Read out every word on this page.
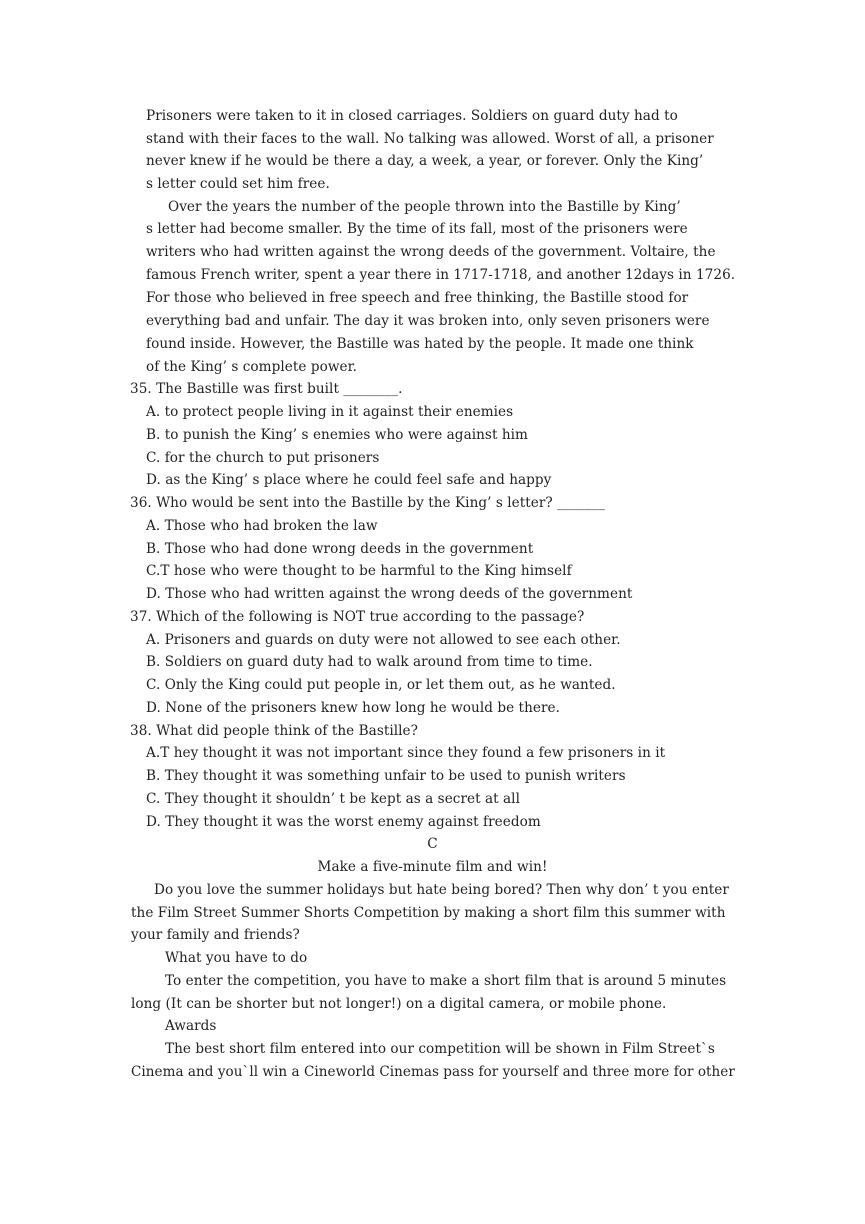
Prisoners were taken to it in closed carriages. Soldiers on guard duty had to
stand with their faces to the wall. No talking was allowed. Worst of all, a prisoner
never knew if he would be there a day, a week, a year, or forever. Only the King’
s letter could set him free.
Over the years the number of the people thrown into the Bastille by King’
s letter had become smaller. By the time of its fall, most of the prisoners were
writers who had written against the wrong deeds of the government. Voltaire, the
famous French writer, spent a year there in 1717-1718, and another 12days in 1726.
For those who believed in free speech and free thinking, the Bastille stood for
everything bad and unfair. The day it was broken into, only seven prisoners were
found inside. However, the Bastille was hated by the people. It made one think
of the King’ s complete power.
35. The Bastille was first built ________.
A. to protect people living in it against their enemies
B. to punish the King’ s enemies who were against him
C. for the church to put prisoners
D. as the King’ s place where he could feel safe and happy
36. Who would be sent into the Bastille by the King’ s letter? _______
A. Those who had broken the law
B. Those who had done wrong deeds in the government
C.T hose who were thought to be harmful to the King himself
D. Those who had written against the wrong deeds of the government
37. Which of the following is NOT true according to the passage?
A. Prisoners and guards on duty were not allowed to see each other.
B. Soldiers on guard duty had to walk around from time to time.
C. Only the King could put people in, or let them out, as he wanted.
D. None of the prisoners knew how long he would be there.
38. What did people think of the Bastille?
A.T hey thought it was not important since they found a few prisoners in it
B. They thought it was something unfair to be used to punish writers
C. They thought it shouldn’ t be kept as a secret at all
D. They thought it was the worst enemy against freedom
C
Make a five-minute film and win!
Do you love the summer holidays but hate being bored? Then why don’ t you enter
the Film Street Summer Shorts Competition by making a short film this summer with
your family and friends?
What you have to do
To enter the competition, you have to make a short film that is around 5 minutes
long (It can be shorter but not longer!) on a digital camera, or mobile phone.
Awards
The best short film entered into our competition will be shown in Film Street`s
Cinema and you`ll win a Cineworld Cinemas pass for yourself and three more for other
